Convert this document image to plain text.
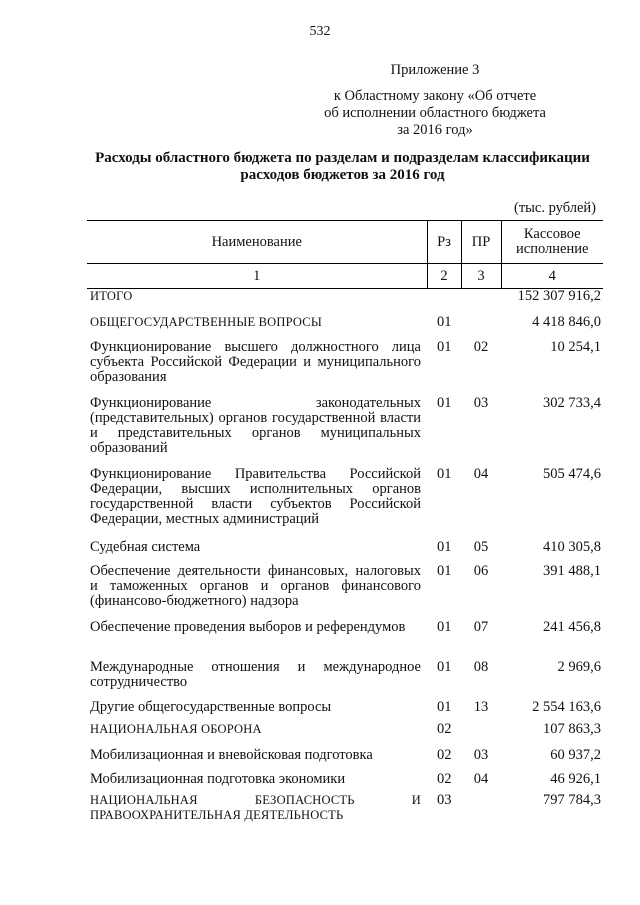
532
Приложение 3
к Областному закону «Об отчете
об исполнении областного бюджета
за 2016 год»
Расходы областного бюджета по разделам и подразделам классификации
расходов бюджетов за 2016 год
(тыс. рублей)
Наименование	Рз	ПР	Кассовое
исполнение

1	2	3	4
ИТОГО			152 307 916,2
ОБЩЕГОСУДАРСТВЕННЫЕ ВОПРОСЫ	01		4 418 846,0
Функционирование высшего должностного лица субъекта Российской Федерации и муниципального образования	01	02	10 254,1
Функционирование законодательных (представительных) органов государственной власти и представительных органов муниципальных образований	01	03	302 733,4
Функционирование Правительства Российской Федерации, высших исполнительных органов государственной власти субъектов Российской Федерации, местных администраций	01	04	505 474,6
Судебная система	01	05	410 305,8
Обеспечение деятельности финансовых, налоговых и таможенных органов и органов финансового (финансово-бюджетного) надзора	01	06	391 488,1
Обеспечение проведения выборов и референдумов	01	07	241 456,8
Международные отношения и международное сотрудничество	01	08	2 969,6
Другие общегосударственные вопросы	01	13	2 554 163,6
НАЦИОНАЛЬНАЯ ОБОРОНА	02		107 863,3
Мобилизационная и вневойсковая подготовка	02	03	60 937,2
Мобилизационная подготовка экономики	02	04	46 926,1
НАЦИОНАЛЬНАЯ БЕЗОПАСНОСТЬ И ПРАВООХРАНИТЕЛЬНАЯ ДЕЯТЕЛЬНОСТЬ	03		797 784,3
